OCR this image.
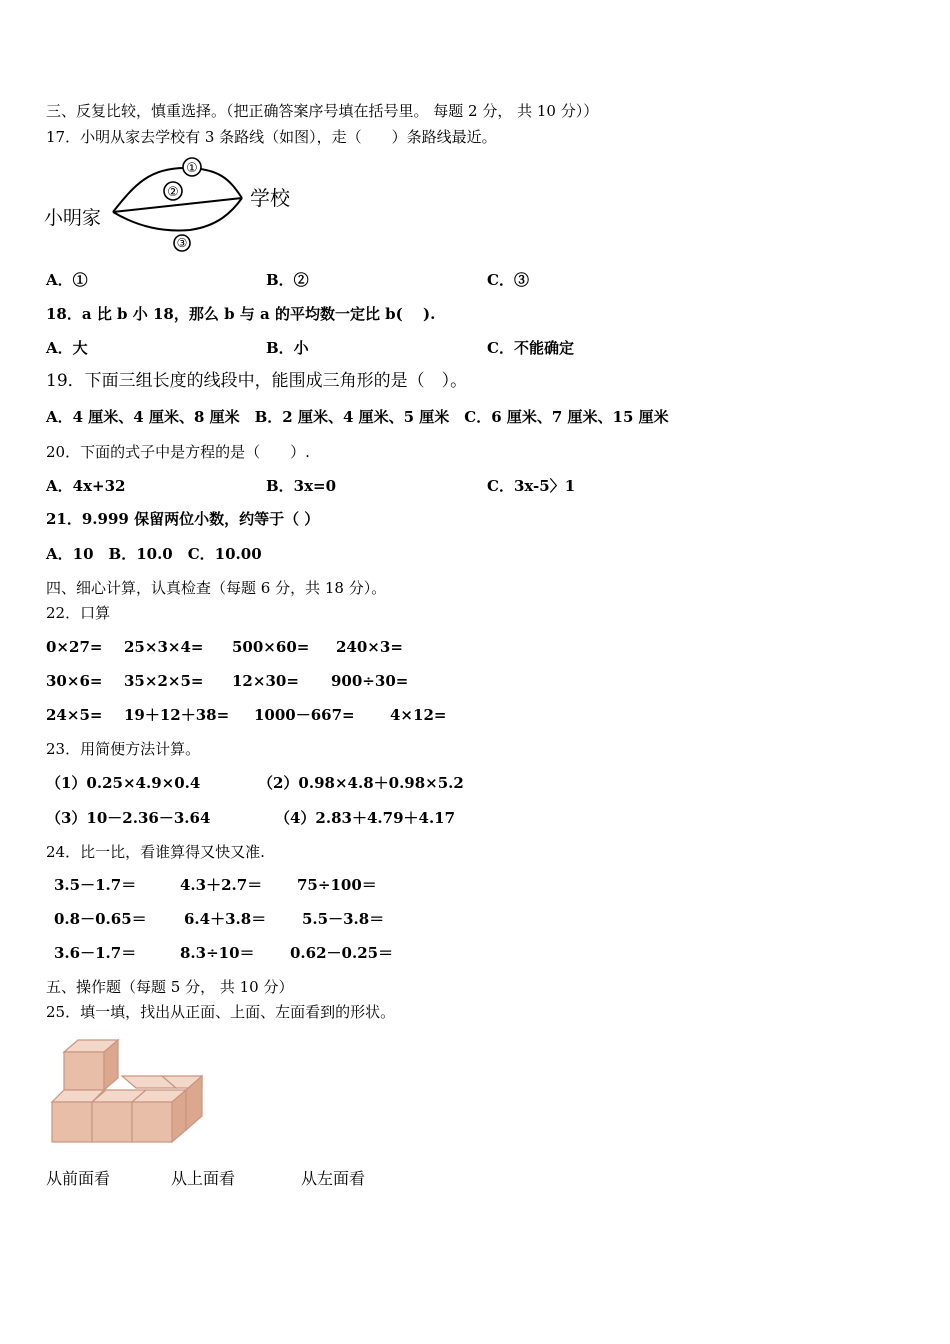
三、反复比较，慎重选择。（把正确答案序号填在括号里。 每题 2 分， 共 10 分））
17．小明从家去学校有 3 条路线（如图），走（　　）条路线最近。
①
②
③
小明家
学校
A．①	B．②	C．③
18．a 比 b 小 18，那么 b 与 a 的平均数一定比 b(　 ).
A．大	B．小	C．不能确定
19．下面三组长度的线段中，能围成三角形的是（　）。
A．4 厘米、4 厘米、8 厘米　B．2 厘米、4 厘米、5 厘米　C．6 厘米、7 厘米、15 厘米
20．下面的式子中是方程的是（　　）.
A．4x+32	B．3x=0	C．3x-5〉1
21．9.999 保留两位小数，约等于（ ）
A．10　B．10.0　C．10.00
四、细心计算，认真检查（每题 6 分，共 18 分）。
22．口算
0×27= 25×3×4= 500×60= 240×3=
30×6= 35×2×5= 12×30= 900÷30=
24×5= 19＋12＋38= 1000－667= 4×12=
23．用简便方法计算。
（1）0.25×4.9×0.4	（2）0.98×4.8＋0.98×5.2
（3）10－2.36－3.64	（4）2.83＋4.79＋4.17
24．比一比，看谁算得又快又准.
3.5－1.7＝	4.3＋2.7＝ 75÷100＝
0.8－0.65＝ 6.4＋3.8＝ 5.5－3.8＝
3.6－1.7＝	8.3÷10＝ 0.62－0.25＝
五、操作题（每题 5 分， 共 10 分）
25．填一填，找出从正面、上面、左面看到的形状。
从前面看	从上面看	从左面看
